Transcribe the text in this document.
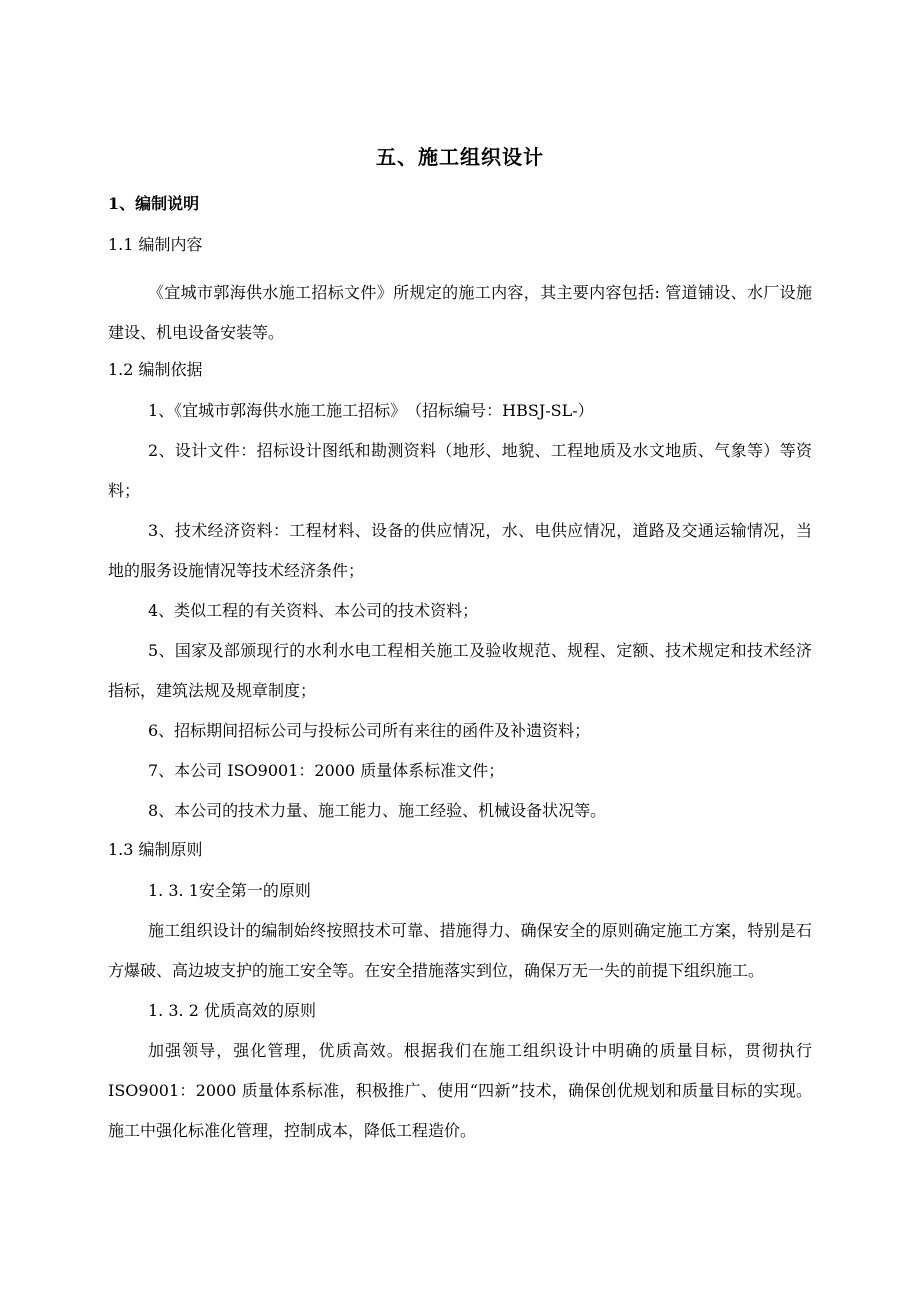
五、施工组织设计
1、编制说明
1.1 编制内容
《宜城市郭海供水施工招标文件》所规定的施工内容，其主要内容包括: 管道铺设、水厂设施建设、机电设备安装等。
1.2 编制依据
1、《宜城市郭海供水施工施工招标》　（招标编号：HBSJ-SL-）
2、设计文件：招标设计图纸和勘测资料（地形、地貌、工程地质及水文地质、气象等）等资料；
3、技术经济资料：工程材料、设备的供应情况，水、电供应情况，道路及交通运输情况，当地的服务设施情况等技术经济条件；
4、类似工程的有关资料、本公司的技术资料；
5、国家及部颁现行的水利水电工程相关施工及验收规范、规程、定额、技术规定和技术经济指标，建筑法规及规章制度；
6、招标期间招标公司与投标公司所有来往的函件及补遗资料；
7、本公司 ISO9001：2000 质量体系标准文件；
8、本公司的技术力量、施工能力、施工经验、机械设备状况等。
1.3 编制原则
1. 3. 1安全第一的原则
施工组织设计的编制始终按照技术可靠、措施得力、确保安全的原则确定施工方案，特别是石方爆破、高边坡支护的施工安全等。在安全措施落实到位，确保万无一失的前提下组织施工。
1. 3. 2 优质高效的原则
加强领导，强化管理，优质高效。根据我们在施工组织设计中明确的质量目标，贯彻执行 ISO9001：2000 质量体系标准，积极推广、使用“四新”技术，确保创优规划和质量目标的实现。施工中强化标准化管理，控制成本，降低工程造价。
